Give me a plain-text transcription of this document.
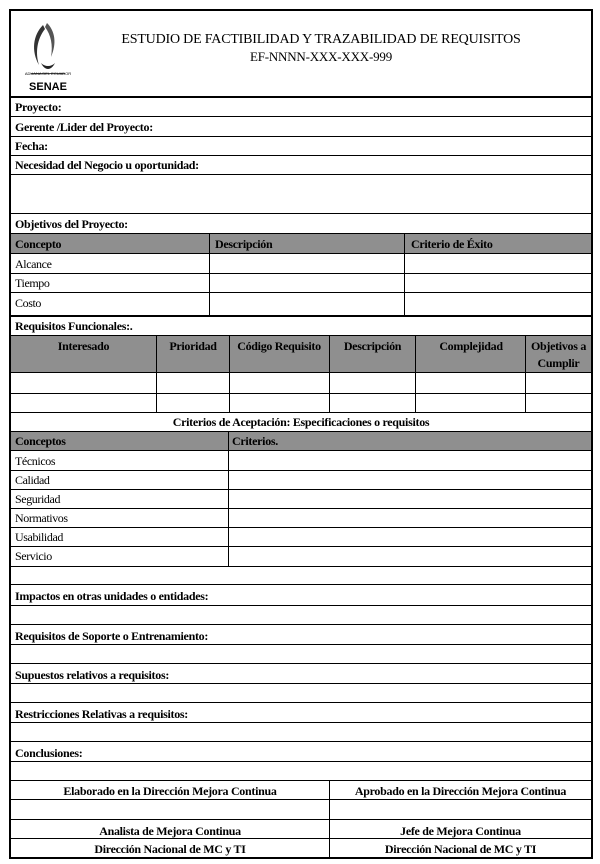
ADUANA DEL ECUADOR
SENAE
ESTUDIO DE FACTIBILIDAD Y TRAZABILIDAD DE REQUISITOS
EF-NNNN-XXX-XXX-999
Proyecto:
Gerente /Lider del Proyecto:
Fecha:
Necesidad del Negocio u oportunidad:
Objetivos del Proyecto:
Concepto	Descripción	Criterio de Éxito
Alcance
Tiempo
Costo
Requisitos Funcionales:.
Interesado	Prioridad	Código Requisito	Descripción	Complejidad	Objetivos a Cumplir
Criterios de Aceptación: Especificaciones o requisitos
Conceptos	Criterios.
Técnicos
Calidad
Seguridad
Normativos
Usabilidad
Servicio
Impactos en otras unidades o entidades:
Requisitos de Soporte o Entrenamiento:
Supuestos relativos a requisitos:
Restricciones Relativas a requisitos:
Conclusiones:
Elaborado en la Dirección Mejora Continua	Aprobado en la Dirección Mejora Continua
Analista de Mejora Continua	Jefe de Mejora Continua
Dirección Nacional de MC y TI	Dirección Nacional de MC y TI
